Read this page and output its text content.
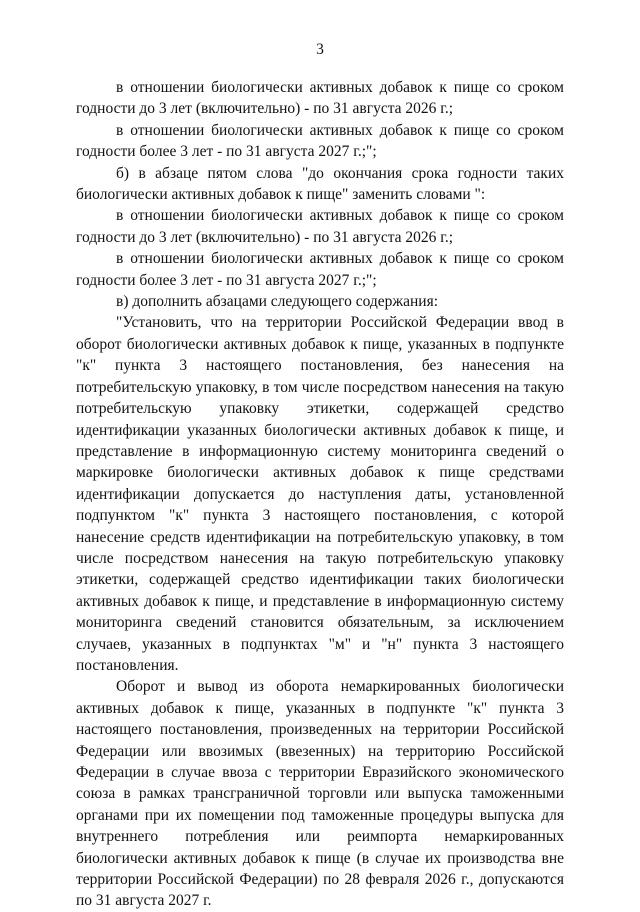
3

в отношении биологически активных добавок к пище со сроком годности до 3 лет (включительно) - по 31 августа 2026 г.;

в отношении биологически активных добавок к пище со сроком годности более 3 лет - по 31 августа 2027 г.;";

б) в абзаце пятом слова "до окончания срока годности таких биологически активных добавок к пище" заменить словами ":

в отношении биологически активных добавок к пище со сроком годности до 3 лет (включительно) - по 31 августа 2026 г.;

в отношении биологически активных добавок к пище со сроком годности более 3 лет - по 31 августа 2027 г.;";

в) дополнить абзацами следующего содержания:

"Установить, что на территории Российской Федерации ввод в оборот биологически активных добавок к пище, указанных в подпункте "к" пункта 3 настоящего постановления, без нанесения на потребительскую упаковку, в том числе посредством нанесения на такую потребительскую упаковку этикетки, содержащей средство идентификации указанных биологически активных добавок к пище, и представление в информационную систему мониторинга сведений о маркировке биологически активных добавок к пище средствами идентификации допускается до наступления даты, установленной подпунктом "к" пункта 3 настоящего постановления, с которой нанесение средств идентификации на потребительскую упаковку, в том числе посредством нанесения на такую потребительскую упаковку этикетки, содержащей средство идентификации таких биологически активных добавок к пище, и представление в информационную систему мониторинга сведений становится обязательным, за исключением случаев, указанных в подпунктах "м" и "н" пункта 3 настоящего постановления.

Оборот и вывод из оборота немаркированных биологически активных добавок к пище, указанных в подпункте "к" пункта 3 настоящего постановления, произведенных на территории Российской Федерации или ввозимых (ввезенных) на территорию Российской Федерации в случае ввоза с территории Евразийского экономического союза в рамках трансграничной торговли или выпуска таможенными органами при их помещении под таможенные процедуры выпуска для внутреннего потребления или реимпорта немаркированных биологически активных добавок к пище (в случае их производства вне территории Российской Федерации) по 28 февраля 2026 г., допускаются по 31 августа 2027 г.
